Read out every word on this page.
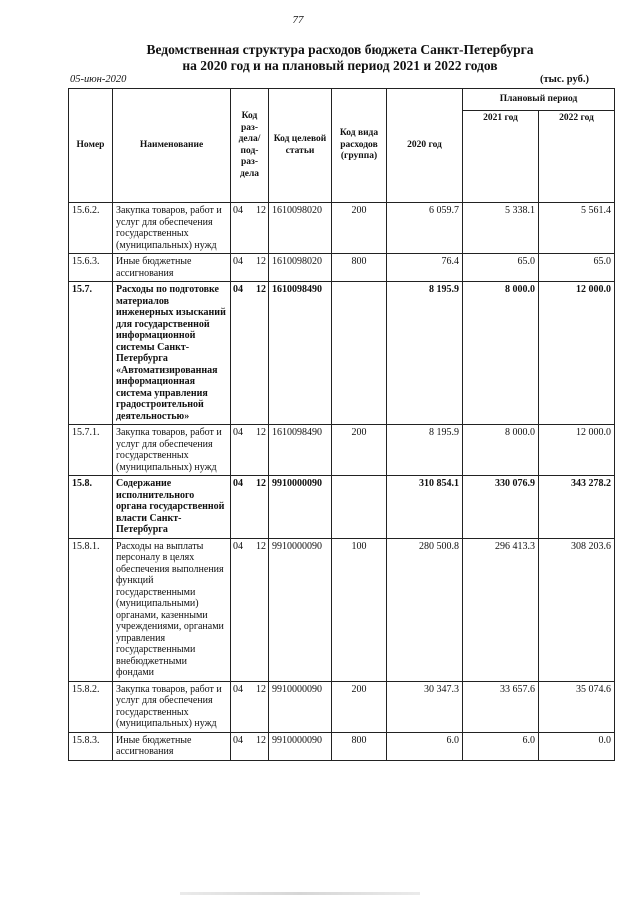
77
Ведомственная структура расходов бюджета Санкт-Петербурга
на 2020 год и на плановый период 2021 и 2022 годов
05-июн-2020	(тыс. руб.)
Номер	Наименование	Код раз-дела/ под-раз-дела	Код целевой статьи	Код вида расходов (группа)	2020 год	Плановый период	
						2021 год	2022 год
15.6.2.	Закупка товаров, работ и услуг для обеспечения государственных (муниципальных) нужд	04 12	1610098020	200	6 059.7	5 338.1	5 561.4
15.6.3.	Иные бюджетные ассигнования	04 12	1610098020	800	76.4	65.0	65.0
15.7.	Расходы по подготовке материалов инженерных изысканий для государственной информационной системы Санкт-Петербурга «Автоматизированная информационная система управления градостроительной деятельностью»	04 12	1610098490		8 195.9	8 000.0	12 000.0
15.7.1.	Закупка товаров, работ и услуг для обеспечения государственных (муниципальных) нужд	04 12	1610098490	200	8 195.9	8 000.0	12 000.0
15.8.	Содержание исполнительного органа государственной власти Санкт-Петербурга	04 12	9910000090		310 854.1	330 076.9	343 278.2
15.8.1.	Расходы на выплаты персоналу в целях обеспечения выполнения функций государственными (муниципальными) органами, казенными учреждениями, органами управления государственными внебюджетными фондами	04 12	9910000090	100	280 500.8	296 413.3	308 203.6
15.8.2.	Закупка товаров, работ и услуг для обеспечения государственных (муниципальных) нужд	04 12	9910000090	200	30 347.3	33 657.6	35 074.6
15.8.3.	Иные бюджетные ассигнования	04 12	9910000090	800	6.0	6.0	0.0
